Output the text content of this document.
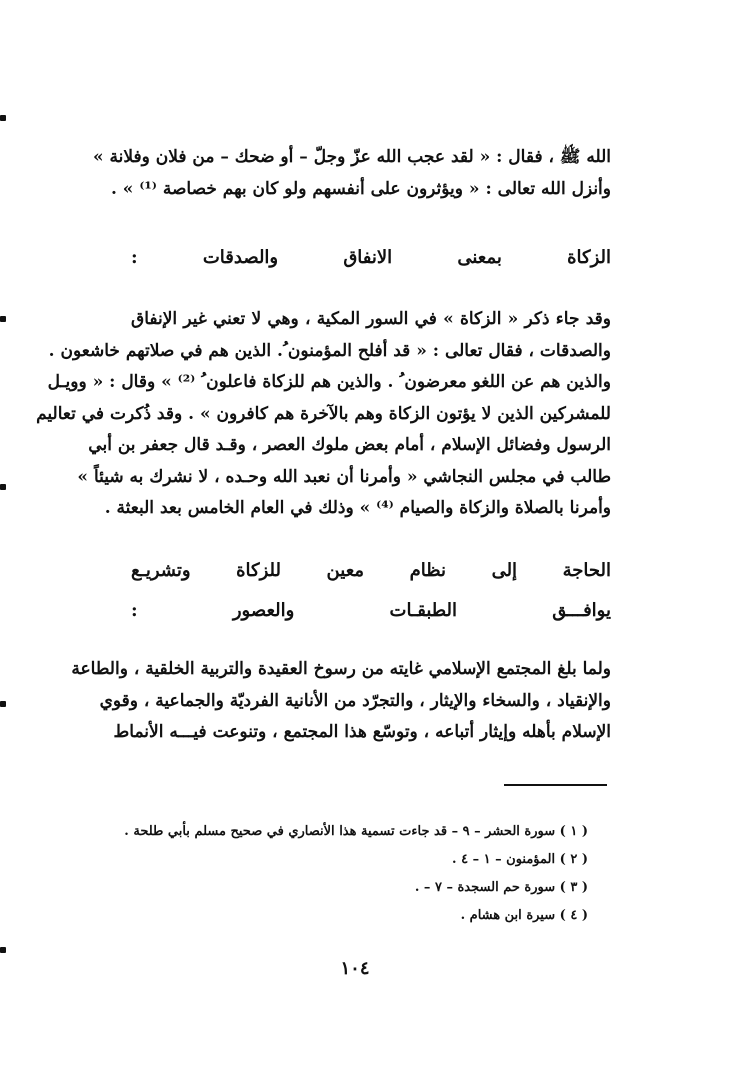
الله ﷺ ، فقال : « لقد عجب الله عزّ وجلّ – أو ضحك – من فلان وفلانة »
وأنزل الله تعالى : « ويؤثرون على أنفسهم ولو كان بهم خصاصة ⁽¹⁾ » .
الزكاة بمعنى الانفاق والصدقات :
وقد جاء ذكر « الزكاة » في السور المكية ، وهي لا تعني غير الإنفاق
والصدقات ، فقال تعالى : « قد أفلح المؤمنون ُ. الذين هم في صلاتهم خاشعون .
والذين هم عن اللغو معرضون ُ . والذين هم للزكاة فاعلون ُ ⁽²⁾ » وقال : « وويـل
للمشركين الذين لا يؤتون الزكاة وهم بالآخرة هم كافرون » . وقد ذُكرت في تعاليم
الرسول وفضائل الإسلام ، أمام بعض ملوك العصر ، وقـد قال جعفر بن أبي
طالب في مجلس النجاشي « وأمرنا أن نعبد الله وحـده ، لا نشرك به شيئاً »
وأمرنا بالصلاة والزكاة والصيام ⁽⁴⁾ » وذلك في العام الخامس بعد البعثة .
الحاجة إلى نظام معين للزكاة وتشريـع
يوافـــق الطبقـات والعصور :
ولما بلغ المجتمع الإسلامي غايته من رسوخ العقيدة والتربية الخلقية ، والطاعة
والإنقياد ، والسخاء والإيثار ، والتجرّد من الأنانية الفرديّة والجماعية ، وقوي
الإسلام بأهله وإيثار أتباعه ، وتوسّع هذا المجتمع ، وتنوعت فيـــه الأنماط
( ١ ) سورة الحشر – ٩ – قد جاءت تسمية هذا الأنصاري في صحيح مسلم بأبي طلحة .
( ٢ ) المؤمنون – ١ – ٤ .
( ٣ ) سورة حم السجدة – ٧ – .
( ٤ ) سيرة ابن هشام .
١٠٤
